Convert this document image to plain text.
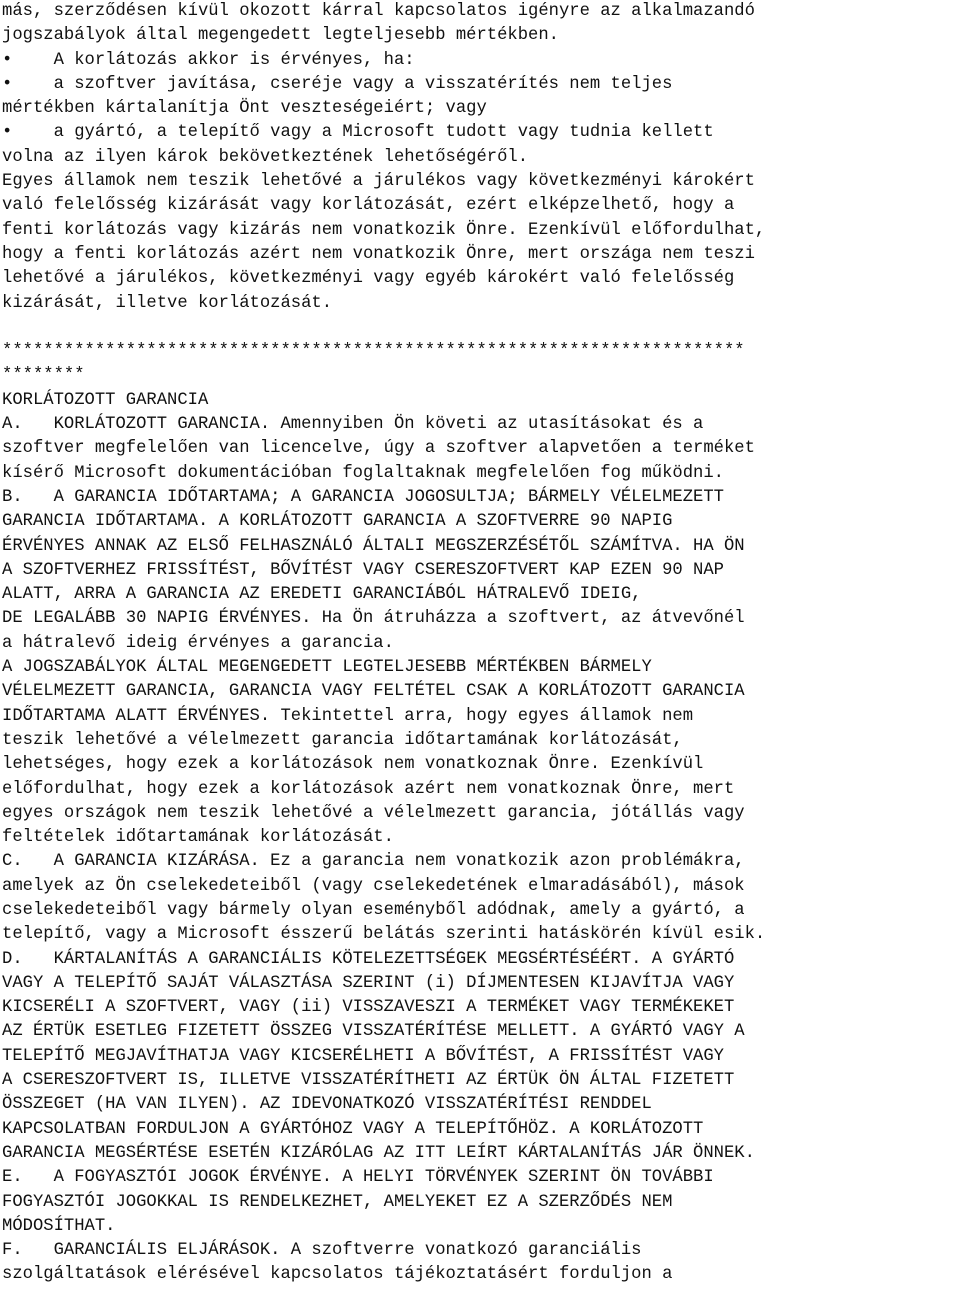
más, szerződésen kívül okozott kárral kapcsolatos igényre az alkalmazandó
jogszabályok által megengedett legteljesebb mértékben.
•    A korlátozás akkor is érvényes, ha:
•    a szoftver javítása, cseréje vagy a visszatérítés nem teljes
mértékben kártalanítja Önt veszteségeiért; vagy
•    a gyártó, a telepítő vagy a Microsoft tudott vagy tudnia kellett
volna az ilyen károk bekövetkeztének lehetőségéről.
Egyes államok nem teszik lehetővé a járulékos vagy következményi károkért
való felelősség kizárását vagy korlátozását, ezért elképzelhető, hogy a
fenti korlátozás vagy kizárás nem vonatkozik Önre. Ezenkívül előfordulhat,
hogy a fenti korlátozás azért nem vonatkozik Önre, mert országa nem teszi
lehetővé a járulékos, következményi vagy egyéb károkért való felelősség
kizárását, illetve korlátozását.
************************************************************************
********
KORLÁTOZOTT GARANCIA
A.   KORLÁTOZOTT GARANCIA. Amennyiben Ön követi az utasításokat és a
szoftver megfelelően van licencelve, úgy a szoftver alapvetően a terméket
kísérő Microsoft dokumentációban foglaltaknak megfelelően fog működni.
B.   A GARANCIA IDŐTARTAMA; A GARANCIA JOGOSULTJA; BÁRMELY VÉLELMEZETT
GARANCIA IDŐTARTAMA. A KORLÁTOZOTT GARANCIA A SZOFTVERRE 90 NAPIG
ÉRVÉNYES ANNAK AZ ELSŐ FELHASZNÁLÓ ÁLTALI MEGSZERZÉSÉTŐL SZÁMÍTVA. HA ÖN
A SZOFTVERHEZ FRISSÍTÉST, BŐVÍTÉST VAGY CSERESZOFTVERT KAP EZEN 90 NAP
ALATT, ARRA A GARANCIA AZ EREDETI GARANCIÁBÓL HÁTRALEVŐ IDEIG,
DE LEGALÁBB 30 NAPIG ÉRVÉNYES. Ha Ön átruházza a szoftvert, az átvevőnél
a hátralevő ideig érvényes a garancia.
A JOGSZABÁLYOK ÁLTAL MEGENGEDETT LEGTELJESEBB MÉRTÉKBEN BÁRMELY
VÉLELMEZETT GARANCIA, GARANCIA VAGY FELTÉTEL CSAK A KORLÁTOZOTT GARANCIA
IDŐTARTAMA ALATT ÉRVÉNYES. Tekintettel arra, hogy egyes államok nem
teszik lehetővé a vélelmezett garancia időtartamának korlátozását,
lehetséges, hogy ezek a korlátozások nem vonatkoznak Önre. Ezenkívül
előfordulhat, hogy ezek a korlátozások azért nem vonatkoznak Önre, mert
egyes országok nem teszik lehetővé a vélelmezett garancia, jótállás vagy
feltételek időtartamának korlátozását.
C.   A GARANCIA KIZÁRÁSA. Ez a garancia nem vonatkozik azon problémákra,
amelyek az Ön cselekedeteiből (vagy cselekedetének elmaradásából), mások
cselekedeteiből vagy bármely olyan eseményből adódnak, amely a gyártó, a
telepítő, vagy a Microsoft ésszerű belátás szerinti hatáskörén kívül esik.
D.   KÁRTALANÍTÁS A GARANCIÁLIS KÖTELEZETTSÉGEK MEGSÉRTÉSÉÉRT. A GYÁRTÓ
VAGY A TELEPÍTŐ SAJÁT VÁLASZTÁSA SZERINT (i) DÍJMENTESEN KIJAVÍTJA VAGY
KICSERÉLI A SZOFTVERT, VAGY (ii) VISSZAVESZI A TERMÉKET VAGY TERMÉKEKET
AZ ÉRTÜK ESETLEG FIZETETT ÖSSZEG VISSZATÉRÍTÉSE MELLETT. A GYÁRTÓ VAGY A
TELEPÍTŐ MEGJAVÍTHATJA VAGY KICSERÉLHETI A BŐVÍTÉST, A FRISSÍTÉST VAGY
A CSERESZOFTVERT IS, ILLETVE VISSZATÉRÍTHETI AZ ÉRTÜK ÖN ÁLTAL FIZETETT
ÖSSZEGET (HA VAN ILYEN). AZ IDEVONATKOZÓ VISSZATÉRÍTÉSI RENDDEL
KAPCSOLATBAN FORDULJON A GYÁRTÓHOZ VAGY A TELEPÍTŐHÖZ. A KORLÁTOZOTT
GARANCIA MEGSÉRTÉSE ESETÉN KIZÁRÓLAG AZ ITT LEÍRT KÁRTALANÍTÁS JÁR ÖNNEK.
E.   A FOGYASZTÓI JOGOK ÉRVÉNYE. A HELYI TÖRVÉNYEK SZERINT ÖN TOVÁBBI
FOGYASZTÓI JOGOKKAL IS RENDELKEZHET, AMELYEKET EZ A SZERZŐDÉS NEM
MÓDOSÍTHAT.
F.   GARANCIÁLIS ELJÁRÁSOK. A szoftverre vonatkozó garanciális
szolgáltatások elérésével kapcsolatos tájékoztatásért forduljon a
